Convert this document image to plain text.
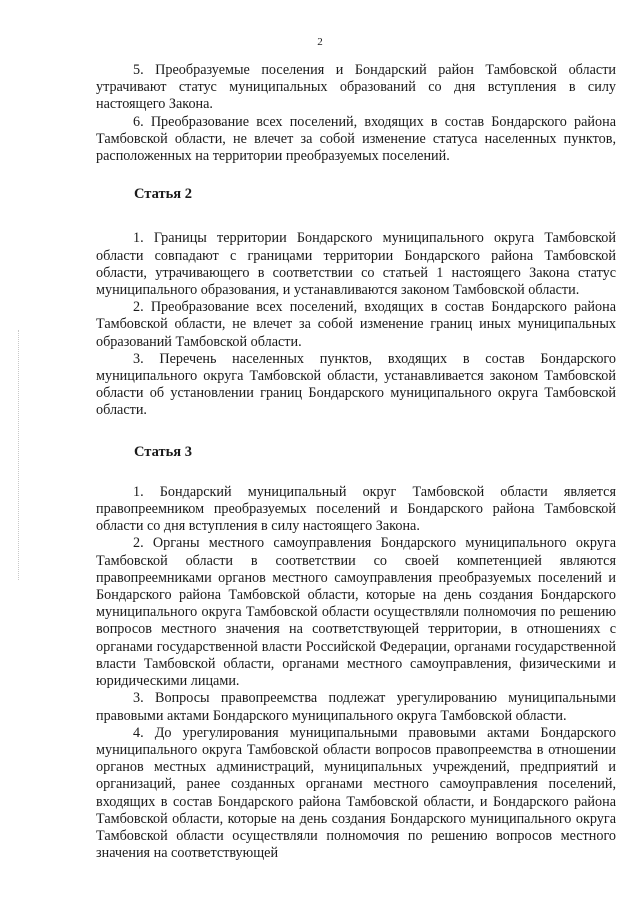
2

5. Преобразуемые поселения и Бондарский район Тамбовской области утрачивают статус муниципальных образований со дня вступления в силу настоящего Закона.

6. Преобразование всех поселений, входящих в состав Бондарского района Тамбовской области, не влечет за собой изменение статуса населенных пунктов, расположенных на территории преобразуемых поселений.

Статья 2

1. Границы территории Бондарского муниципального округа Тамбовской области совпадают с границами территории Бондарского района Тамбовской области, утрачивающего в соответствии со статьей 1 настоящего Закона статус муниципального образования, и устанавливаются законом Тамбовской области.

2. Преобразование всех поселений, входящих в состав Бондарского района Тамбовской области, не влечет за собой изменение границ иных муниципальных образований Тамбовской области.

3. Перечень населенных пунктов, входящих в состав Бондарского муниципального округа Тамбовской области, устанавливается законом Тамбовской области об установлении границ Бондарского муниципального округа Тамбовской области.

Статья 3

1. Бондарский муниципальный округ Тамбовской области является правопреемником преобразуемых поселений и Бондарского района Тамбовской области со дня вступления в силу настоящего Закона.

2. Органы местного самоуправления Бондарского муниципального округа Тамбовской области в соответствии со своей компетенцией являются правопреемниками органов местного самоуправления преобразуемых поселений и Бондарского района Тамбовской области, которые на день создания Бондарского муниципального округа Тамбовской области осуществляли полномочия по решению вопросов местного значения на соответствующей территории, в отношениях с органами государственной власти Российской Федерации, органами государственной власти Тамбовской области, органами местного самоуправления, физическими и юридическими лицами.

3. Вопросы правопреемства подлежат урегулированию муниципальными правовыми актами Бондарского муниципального округа Тамбовской области.

4. До урегулирования муниципальными правовыми актами Бондарского муниципального округа Тамбовской области вопросов правопреемства в отношении органов местных администраций, муниципальных учреждений, предприятий и организаций, ранее созданных органами местного самоуправления поселений, входящих в состав Бондарского района Тамбовской области, и Бондарского района Тамбовской области, которые на день создания Бондарского муниципального округа Тамбовской области осуществляли полномочия по решению вопросов местного значения на соответствующей
